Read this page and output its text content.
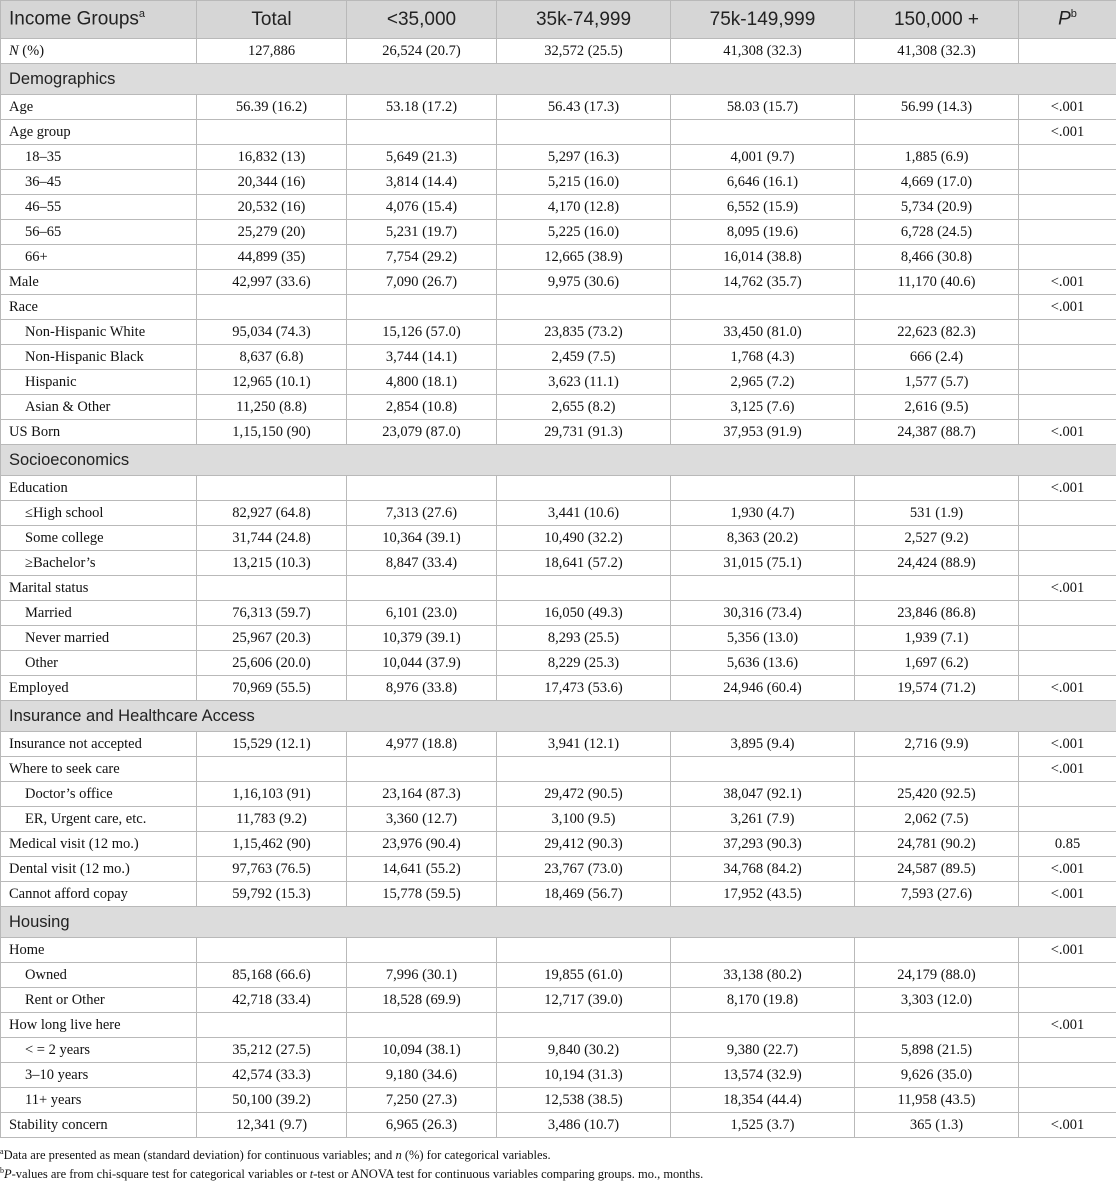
Income Groups$^a$	Total	<35,000	35k-74,999	75k-149,999	150,000 +	$P^b$
N (%)	127,886	26,524 (20.7)	32,572 (25.5)	41,308 (32.3)	41,308 (32.3)	
Demographics						
Age	56.39 (16.2)	53.18 (17.2)	56.43 (17.3)	58.03 (15.7)	56.99 (14.3)	<.001
Age group						<.001
18–35	16,832 (13)	5,649 (21.3)	5,297 (16.3)	4,001 (9.7)	1,885 (6.9)	
36–45	20,344 (16)	3,814 (14.4)	5,215 (16.0)	6,646 (16.1)	4,669 (17.0)	
46–55	20,532 (16)	4,076 (15.4)	4,170 (12.8)	6,552 (15.9)	5,734 (20.9)	
56–65	25,279 (20)	5,231 (19.7)	5,225 (16.0)	8,095 (19.6)	6,728 (24.5)	
66+	44,899 (35)	7,754 (29.2)	12,665 (38.9)	16,014 (38.8)	8,466 (30.8)	
Male	42,997 (33.6)	7,090 (26.7)	9,975 (30.6)	14,762 (35.7)	11,170 (40.6)	<.001
Race						<.001
Non-Hispanic White	95,034 (74.3)	15,126 (57.0)	23,835 (73.2)	33,450 (81.0)	22,623 (82.3)	
Non-Hispanic Black	8,637 (6.8)	3,744 (14.1)	2,459 (7.5)	1,768 (4.3)	666 (2.4)	
Hispanic	12,965 (10.1)	4,800 (18.1)	3,623 (11.1)	2,965 (7.2)	1,577 (5.7)	
Asian & Other	11,250 (8.8)	2,854 (10.8)	2,655 (8.2)	3,125 (7.6)	2,616 (9.5)	
US Born	1,15,150 (90)	23,079 (87.0)	29,731 (91.3)	37,953 (91.9)	24,387 (88.7)	<.001
Socioeconomics						
Education						<.001
≤High school	82,927 (64.8)	7,313 (27.6)	3,441 (10.6)	1,930 (4.7)	531 (1.9)	
Some college	31,744 (24.8)	10,364 (39.1)	10,490 (32.2)	8,363 (20.2)	2,527 (9.2)	
≥Bachelor’s	13,215 (10.3)	8,847 (33.4)	18,641 (57.2)	31,015 (75.1)	24,424 (88.9)	
Marital status						<.001
Married	76,313 (59.7)	6,101 (23.0)	16,050 (49.3)	30,316 (73.4)	23,846 (86.8)	
Never married	25,967 (20.3)	10,379 (39.1)	8,293 (25.5)	5,356 (13.0)	1,939 (7.1)	
Other	25,606 (20.0)	10,044 (37.9)	8,229 (25.3)	5,636 (13.6)	1,697 (6.2)	
Employed	70,969 (55.5)	8,976 (33.8)	17,473 (53.6)	24,946 (60.4)	19,574 (71.2)	<.001
Insurance and Healthcare Access						
Insurance not accepted	15,529 (12.1)	4,977 (18.8)	3,941 (12.1)	3,895 (9.4)	2,716 (9.9)	<.001
Where to seek care						<.001
Doctor’s office	1,16,103 (91)	23,164 (87.3)	29,472 (90.5)	38,047 (92.1)	25,420 (92.5)	
ER, Urgent care, etc.	11,783 (9.2)	3,360 (12.7)	3,100 (9.5)	3,261 (7.9)	2,062 (7.5)	
Medical visit (12 mo.)	1,15,462 (90)	23,976 (90.4)	29,412 (90.3)	37,293 (90.3)	24,781 (90.2)	0.85
Dental visit (12 mo.)	97,763 (76.5)	14,641 (55.2)	23,767 (73.0)	34,768 (84.2)	24,587 (89.5)	<.001
Cannot afford copay	59,792 (15.3)	15,778 (59.5)	18,469 (56.7)	17,952 (43.5)	7,593 (27.6)	<.001
Housing						
Home						<.001
Owned	85,168 (66.6)	7,996 (30.1)	19,855 (61.0)	33,138 (80.2)	24,179 (88.0)	
Rent or Other	42,718 (33.4)	18,528 (69.9)	12,717 (39.0)	8,170 (19.8)	3,303 (12.0)	
How long live here						<.001
< = 2 years	35,212 (27.5)	10,094 (38.1)	9,840 (30.2)	9,380 (22.7)	5,898 (21.5)	
3–10 years	42,574 (33.3)	9,180 (34.6)	10,194 (31.3)	13,574 (32.9)	9,626 (35.0)	
11+ years	50,100 (39.2)	7,250 (27.3)	12,538 (38.5)	18,354 (44.4)	11,958 (43.5)	
Stability concern	12,341 (9.7)	6,965 (26.3)	3,486 (10.7)	1,525 (3.7)	365 (1.3)	<.001
$^a$Data are presented as mean (standard deviation) for continuous variables; and n (%) for categorical variables.
$^b$P-values are from chi-square test for categorical variables or t-test or ANOVA test for continuous variables comparing groups. mo., months.
